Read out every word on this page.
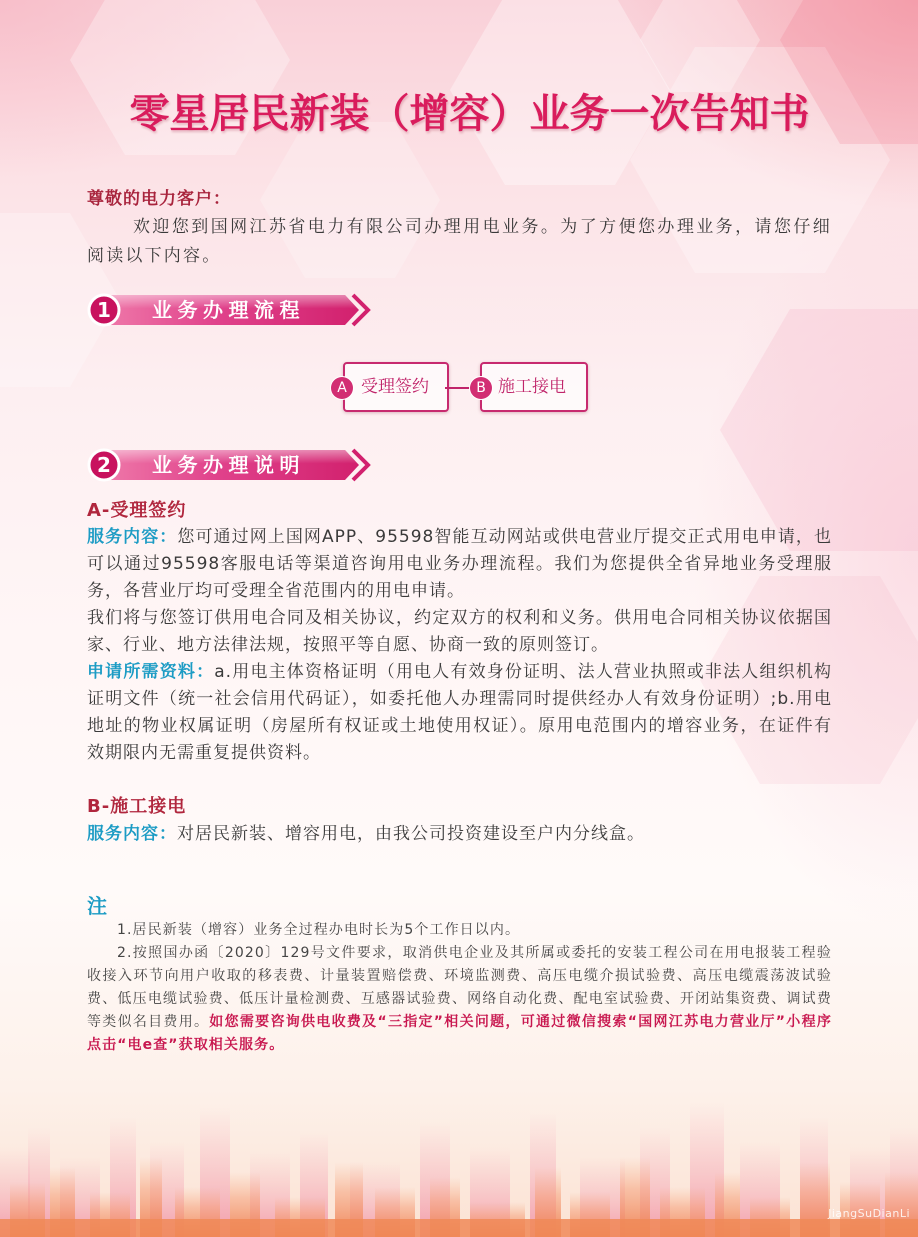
零星居民新装（增容）业务一次告知书
尊敬的电力客户：

欢迎您到国网江苏省电力有限公司办理用电业务。为了方便您办理业务，请您仔细阅读以下内容。

1	业务办理流程
受理签约
A	施工接电
B
2	业务办理说明
A-受理签约

服务内容：您可通过网上国网APP、95598智能互动网站或供电营业厅提交正式用电申请，也可以通过95598客服电话等渠道咨询用电业务办理流程。我们为您提供全省异地业务受理服务，各营业厅均可受理全省范围内的用电申请。

我们将与您签订供用电合同及相关协议，约定双方的权利和义务。供用电合同相关协议依据国家、行业、地方法律法规，按照平等自愿、协商一致的原则签订。

申请所需资料：a.用电主体资格证明（用电人有效身份证明、法人营业执照或非法人组织机构证明文件（统一社会信用代码证），如委托他人办理需同时提供经办人有效身份证明）;b.用电地址的物业权属证明（房屋所有权证或土地使用权证）。原用电范围内的增容业务，在证件有效期限内无需重复提供资料。

B-施工接电

服务内容：对居民新装、增容用电，由我公司投资建设至户内分线盒。

注

1.居民新装（增容）业务全过程办电时长为5个工作日以内。

2.按照国办函〔2020〕129号文件要求，取消供电企业及其所属或委托的安装工程公司在用电报装工程验收接入环节向用户收取的移表费、计量装置赔偿费、环境监测费、高压电缆介损试验费、高压电缆震荡波试验费、低压电缆试验费、低压计量检测费、互感器试验费、网络自动化费、配电室试验费、开闭站集资费、调试费等类似名目费用。如您需要咨询供电收费及“三指定”相关问题，可通过微信搜索“国网江苏电力营业厅”小程序点击“电e查”获取相关服务。

JiangSuDianLi
